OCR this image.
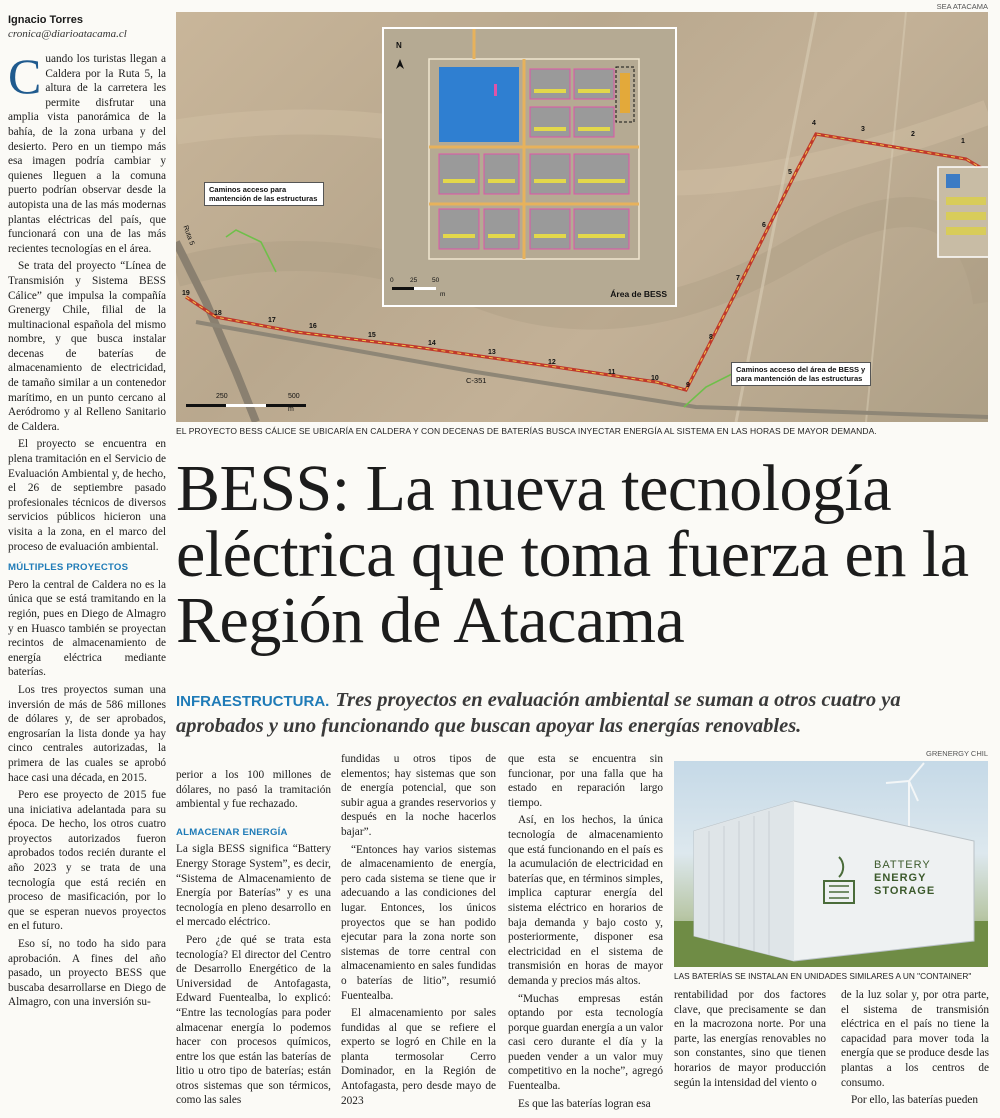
Ignacio Torres
cronica@diarioatacama.cl

Cuando los turistas llegan a Caldera por la Ruta 5, la altura de la carretera les permite disfrutar una amplia vista panorámica de la bahía, de la zona urbana y del desierto. Pero en un tiempo más esa imagen podría cambiar y quienes lleguen a la comuna puerto podrían observar desde la autopista una de las más modernas plantas eléctricas del país, que funcionará con una de las más recientes tecnologías en el área.

Se trata del proyecto “Línea de Transmisión y Sistema BESS Cálice” que impulsa la compañía Grenergy Chile, filial de la multinacional española del mismo nombre, y que busca instalar decenas de baterías de almacenamiento de electricidad, de tamaño similar a un contenedor marítimo, en un punto cercano al Aeródromo y al Relleno Sanitario de Caldera.

El proyecto se encuentra en plena tramitación en el Servicio de Evaluación Ambiental y, de hecho, el 26 de septiembre pasado profesionales técnicos de diversos servicios públicos hicieron una visita a la zona, en el marco del proceso de evaluación ambiental.

MÚLTIPLES PROYECTOS

Pero la central de Caldera no es la única que se está tramitando en la región, pues en Diego de Almagro y en Huasco también se proyectan recintos de almacenamiento de energía eléctrica mediante baterías.

Los tres proyectos suman una inversión de más de 586 millones de dólares y, de ser aprobados, engrosarían la lista donde ya hay cinco centrales autorizadas, la primera de las cuales se aprobó hace casi una década, en 2015.

Pero ese proyecto de 2015 fue una iniciativa adelantada para su época. De hecho, los otros cuatro proyectos autorizados fueron aprobados todos recién durante el año 2023 y se trata de una tecnología que está recién en proceso de masificación, por lo que se esperan nuevos proyectos en el futuro.

Eso sí, no todo ha sido para aprobación. A fines del año pasado, un proyecto BESS que buscaba desarrollarse en Diego de Almagro, con una inversión su-

SEA ATACAMA
1
2
3
4
5
6
7
8
9
10
11
12
13
14
15
16
17
18
19
Ruta 5
C-351
250	500
m
Caminos acceso para mantención de las estructuras
Caminos acceso del área de BESS y para mantención de las estructuras
N
0	25 50
m	Área de BESS
EL PROYECTO BESS CÁLICE SE UBICARÍA EN CALDERA Y CON DECENAS DE BATERÍAS BUSCA INYECTAR ENERGÍA AL SISTEMA EN LAS HORAS DE MAYOR DEMANDA.
BESS: La nueva tecnología eléctrica que toma fuerza en la Región de Atacama
INFRAESTRUCTURA. Tres proyectos en evaluación ambiental se suman a otros cuatro ya aprobados y uno funcionando que buscan apoyar las energías renovables.

perior a los 100 millones de dólares, no pasó la tramitación ambiental y fue rechazado.

ALMACENAR ENERGÍA

La sigla BESS significa “Battery Energy Storage System”, es decir, “Sistema de Almacenamiento de Energía por Baterías” y es una tecnología en pleno desarrollo en el mercado eléctrico.

Pero ¿de qué se trata esta tecnología? El director del Centro de Desarrollo Energético de la Universidad de Antofagasta, Edward Fuentealba, lo explicó: “Entre las tecnologías para poder almacenar energía lo podemos hacer con procesos químicos, entre los que están las baterías de litio u otro tipo de baterías; están otros sistemas que son térmicos, como las sales

fundidas u otros tipos de elementos; hay sistemas que son de energía potencial, que son subir agua a grandes reservorios y después en la noche hacerlos bajar”.

“Entonces hay varios sistemas de almacenamiento de energía, pero cada sistema se tiene que ir adecuando a las condiciones del lugar. Entonces, los únicos proyectos que se han podido ejecutar para la zona norte son sistemas de torre central con almacenamiento en sales fundidas o baterías de litio”, resumió Fuentealba.

El almacenamiento por sales fundidas al que se refiere el experto se logró en Chile en la planta termosolar Cerro Dominador, en la Región de Antofagasta, pero desde mayo de 2023

que esta se encuentra sin funcionar, por una falla que ha estado en reparación largo tiempo.

Así, en los hechos, la única tecnología de almacenamiento que está funcionando en el país es la acumulación de electricidad en baterías que, en términos simples, implica capturar energía del sistema eléctrico en horarios de baja demanda y bajo costo y, posteriormente, disponer esa electricidad en el sistema de transmisión en horas de mayor demanda y precios más altos.

“Muchas empresas están optando por esta tecnología porque guardan energía a un valor casi cero durante el día y la pueden vender a un valor muy competitivo en la noche”, agregó Fuentealba.

Es que las baterías logran esa

GRENERGY CHIL
BATTERY
ENERGY
STORAGE
LAS BATERÍAS SE INSTALAN EN UNIDADES SIMILARES A UN "CONTAINER"

rentabilidad por dos factores clave, que precisamente se dan en la macrozona norte. Por una parte, las energías renovables no son constantes, sino que tienen horarios de mayor producción según la intensidad del viento o

de la luz solar y, por otra parte, el sistema de transmisión eléctrica en el país no tiene la capacidad para mover toda la energía que se produce desde las plantas a los centros de consumo.

Por ello, las baterías pueden
